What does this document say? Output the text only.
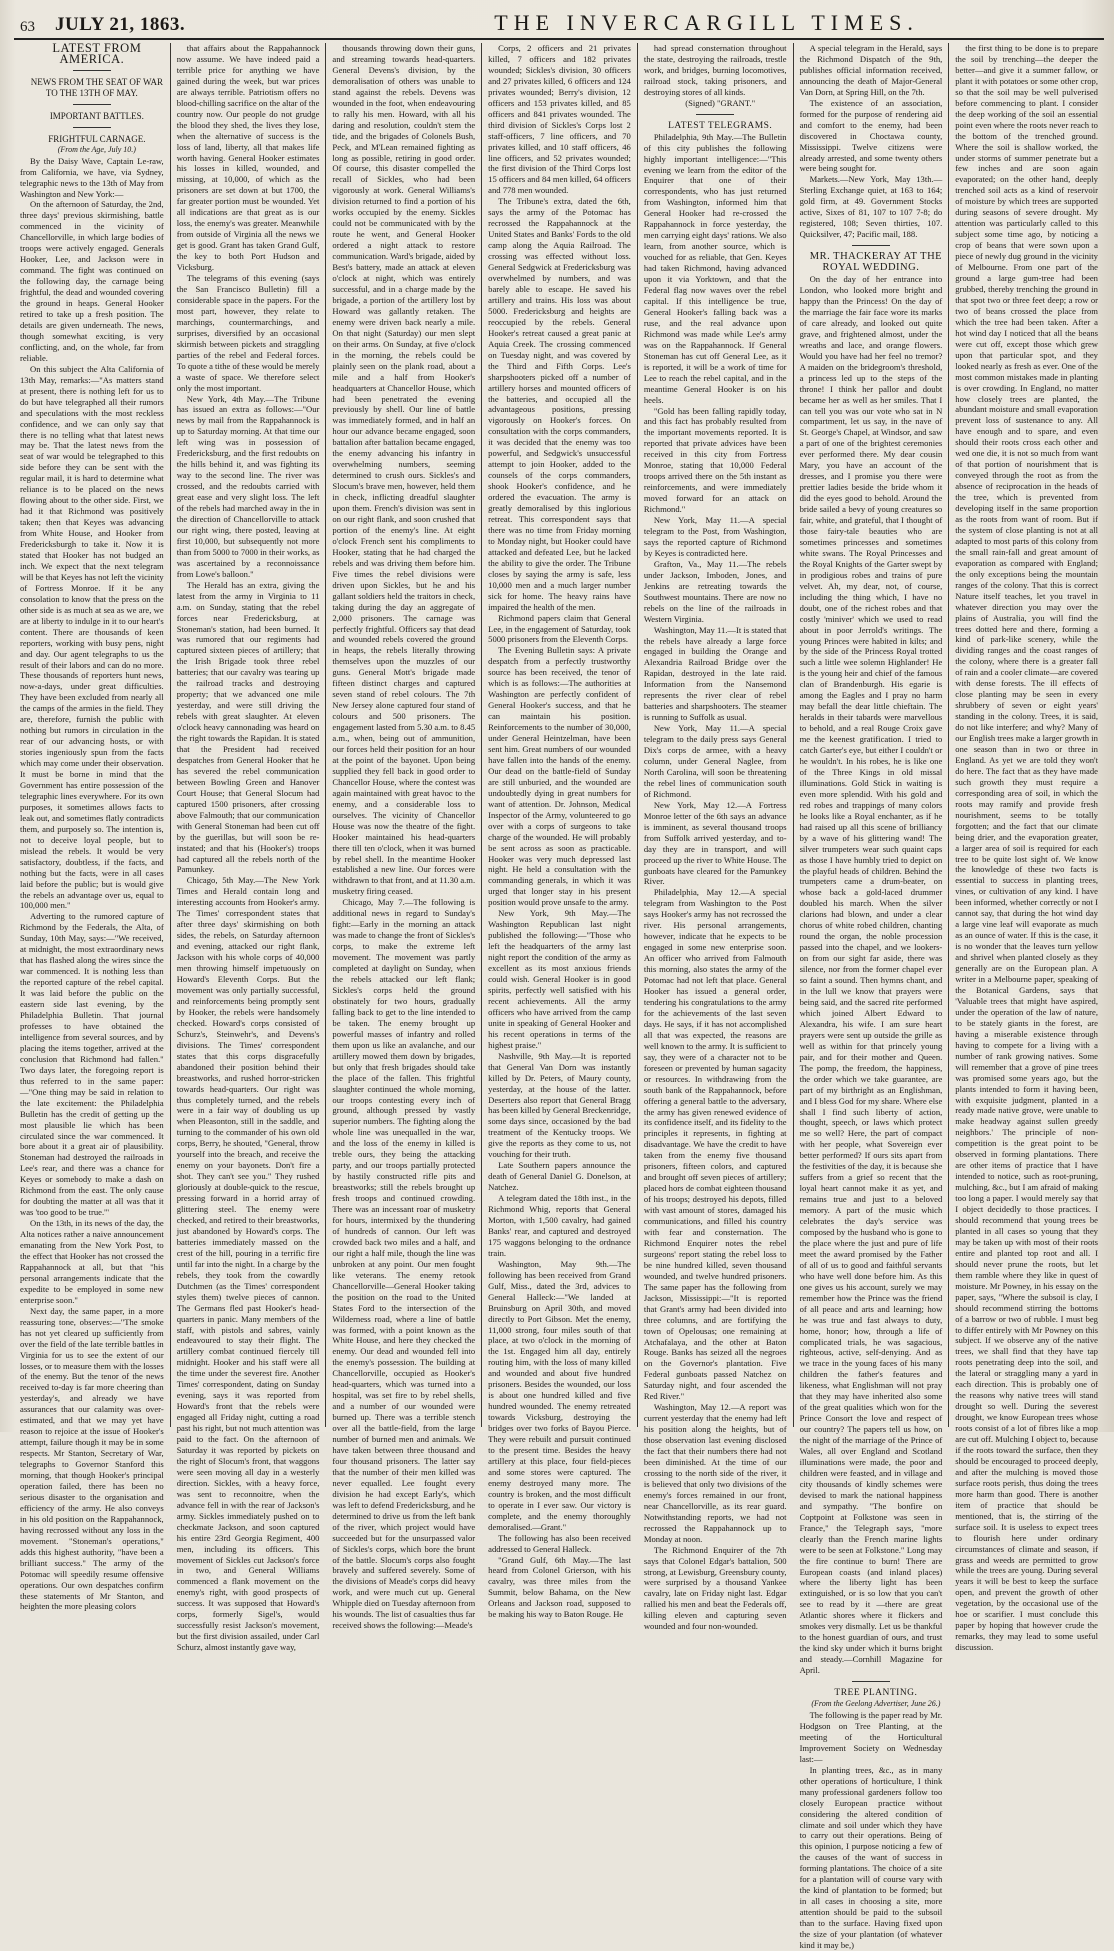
63	JULY 21, 1863.	THE INVERCARGILL TIMES.

LATEST FROM AMERICA.

NEWS FROM THE SEAT OF WAR TO THE 13TH OF MAY.

IMPORTANT BATTLES.

FRIGHTFUL CARNAGE.

(From the Age, July 10.)

By the Daisy Wave, Captain Le-raw, from California, we have, via Sydney, telegraphic news to the 13th of May from Washington and New York:—

On the afternoon of Saturday, the 2nd, three days' previous skirmishing, battle commenced in the vicinity of Chancellorville, in which large bodies of troops were actively engaged. Generals Hooker, Lee, and Jackson were in command. The fight was continued on the following day, the carnage being frightful, the dead and wounded covering the ground in heaps. General Hooker retired to take up a fresh position. The details are given underneath. The news, though somewhat exciting, is very conflicting, and, on the whole, far from reliable.

On this subject the Alta California of 13th May, remarks:—"As matters stand at present, there is nothing left for us to do but have telegraphed all their rumors and speculations with the most reckless confidence, and we can only say that there is no telling what that latest news may be. That the latest news from the seat of war would be telegraphed to this side before they can be sent with the regular mail, it is hard to determine what reliance is to be placed on the news flowing about to the other side. First, we had it that Richmond was positively taken; then that Keyes was advancing from White House, and Hooker from Fredericksburgh to take it. Now it is stated that Hooker has not budged an inch. We expect that the next telegram will be that Keyes has not left the vicinity of Fortress Monroe. If it be any consolation to know that the press on the other side is as much at sea as we are, we are at liberty to indulge in it to our heart's content. There are thousands of keen reporters, working with busy pens, night and day. Our agent telegraphs to us the result of their labors and can do no more. These thousands of reporters hunt news, now-a-days, under great difficulties. They have been excluded from nearly all the camps of the armies in the field. They are, therefore, furnish the public with nothing but rumors in circulation in the rear of our advancing hosts, or with stories ingeniously spun from the facts which may come under their observation. It must be borne in mind that the Government has entire possession of the telegraphic lines everywhere. For its own purposes, it sometimes allows facts to leak out, and sometimes flatly contradicts them, and purposely so. The intention is, not to deceive loyal people, but to mislead the rebels. It would be very satisfactory, doubtless, if the facts, and nothing but the facts, were in all cases laid before the public; but is would give the rebels an advantage over us, equal to 100,000 men."

Adverting to the rumored capture of Richmond by the Federals, the Alta, of Sunday, 10th May, says:—"We received, at midnight, the most extraordinary news that has flashed along the wires since the war commenced. It is nothing less than the reported capture of the rebel capital. It was laid before the public on the eastern side last evening, by the Philadelphia Bulletin. That journal professes to have obtained the intelligence from several sources, and by placing the items together, arrived at the conclusion that Richmond had fallen." Two days later, the foregoing report is thus referred to in the same paper:—"One thing may be said in relation to the late excitement: the Philadelphia Bulletin has the credit of getting up the most plausible lie which has been circulated since the war commenced. It bore about it a great air of plausibility. Stoneman had destroyed the railroads in Lee's rear, and there was a chance for Keyes or somebody to make a dash on Richmond from the east. The only cause for doubting the matter at all was that it was 'too good to be true.'"

On the 13th, in its news of the day, the Alta notices rather a naive announcement emanating from the New York Post, to the effect that Hooker has not crossed the Rappahannock at all, but that "his personal arrangements indicate that the expedite to be employed in some new enterprise soon."

Next day, the same paper, in a more reassuring tone, observes:—"The smoke has not yet cleared up sufficiently from over the field of the late terrible battles in Virginia for us to see the extent of our losses, or to measure them with the losses of the enemy. But the tenor of the news received to-day is far more cheering than yesterday's, and already we have assurances that our calamity was over-estimated, and that we may yet have reason to rejoice at the issue of Hooker's attempt, failure though it may be in some respects. Mr Stanton, Secretary of War, telegraphs to Governor Stanford this morning, that though Hooker's principal operation failed, there has been no serious disaster to the organisation and efficiency of the army. He also conveys in his old position on the Rappahannock, having recrossed without any loss in the movement. "Stoneman's operations," adds this highest authority, "have been a brilliant success." The army of the Potomac will speedily resume offensive operations. Our own despatches confirm these statements of Mr Stanton, and heighten the more pleasing colors

that affairs about the Rappahannock now assume. We have indeed paid a terrible price for anything we have gained during the week, but war prices are always terrible. Patriotism offers no blood-chilling sacrifice on the altar of the country now. Our people do not grudge the blood they shed, the lives they lose, when the alternative of success is the loss of land, liberty, all that makes life worth having. General Hooker estimates his losses in killed, wounded, and missing, at 10,000, of which as the prisoners are set down at but 1700, the far greater portion must be wounded. Yet all indications are that great as is our loss, the enemy's was greater. Meanwhile from outside of Virginia all the news we get is good. Grant has taken Grand Gulf, the key to both Port Hudson and Vicksburg.

The telegrams of this evening (says the San Francisco Bulletin) fill a considerable space in the papers. For the most part, however, they relate to marchings, countermarchings, and surprises, diversified by an occasional skirmish between pickets and straggling parties of the rebel and Federal forces. To quote a tithe of these would be merely a waste of space. We therefore select only the most important.

New York, 4th May.—The Tribune has issued an extra as follows:—"Our news by mail from the Rappahannock is up to Saturday morning. At that time our left wing was in possession of Fredericksburg, and the first redoubts on the hills behind it, and was fighting its way to the second line. The river was crossed, and the redoubts carried with great ease and very slight loss. The left of the rebels had marched away in the in the direction of Chancellorville to attack our right wing, there posted, leaving at first 10,000, but subsequently not more than from 5000 to 7000 in their works, as was ascertained by a reconnoissance from Lowe's balloon."

The Herald has an extra, giving the latest from the army in Virginia to 11 a.m. on Sunday, stating that the rebel forces near Fredericksburg, at Stoneman's station, had been burned. It was rumored that our regiments had captured sixteen pieces of artillery; that the Irish Brigade took three rebel batteries; that our cavalry was tearing up the railroad tracks and destroying property; that we advanced one mile yesterday, and were still driving the rebels with great slaughter. At eleven o'clock heavy cannonading was heard on the right towards the Rapidan. It is stated that the President had received despatches from General Hooker that he has severed the rebel communication between Bowling Green and Hanover Court House; that General Slocum had captured 1500 prisoners, after crossing above Falmouth; that our communication with General Stoneman had been cut off by the guerillas, but will soon be re-instated; and that his (Hooker's) troops had captured all the rebels north of the Pamunkey.

Chicago, 5th May.—The New York Times and Herald contain long and interesting accounts from Hooker's army. The Times' correspondent states that after three days' skirmishing on both sides, the rebels, on Saturday afternoon and evening, attacked our right flank, Jackson with his whole corps of 40,000 men throwing himself impetuously on Howard's Eleventh Corps. But the movement was only partially successful, and reinforcements being promptly sent by Hooker, the rebels were handsomely checked. Howard's corps consisted of Schurz's, Steinwehr's, and Devens's divisions. The Times' correspondent states that this corps disgracefully abandoned their position behind their breastworks, and rushed horror-stricken towards head-quarters. Our right was thus completely turned, and the rebels were in a fair way of doubling us up when Pleasonton, still in the saddle, and turning to the commander of his own old corps, Berry, he shouted, "General, throw yourself into the breach, and receive the enemy on your bayonets. Don't fire a shot. They can't see you." They rushed gloriously at double-quick to the rescue, pressing forward in a horrid array of glittering steel. The enemy were checked, and retired to their breastworks, just abandoned by Howard's corps. The batteries immediately massed on the crest of the hill, pouring in a terrific fire until far into the night. In a charge by the rebels, they took from the cowardly Dutchmen (as the Times' correspondent styles them) twelve pieces of cannon. The Germans fled past Hooker's head-quarters in panic. Many members of the staff, with pistols and sabres, vainly endeavoured to stay their flight. The artillery combat continued fiercely till midnight. Hooker and his staff were all the time under the severest fire. Another Times' correspondent, dating on Sunday evening, says it was reported from Howard's front that the rebels were engaged all Friday night, cutting a road past his right, but not much attention was paid to the fact. On the afternoon of Saturday it was reported by pickets on the right of Slocum's front, that waggons were seen moving all day in a westerly direction. Sickles, with a heavy force, was sent to reconnoitre, when the advance fell in with the rear of Jackson's army. Sickles immediately pushed on to checkmate Jackson, and soon captured his entire 23rd Georgia Regiment, 400 men, including its officers. This movement of Sickles cut Jackson's force in two, and General Williams commenced a flank movement on the enemy's right, with good prospects of success. It was supposed that Howard's corps, formerly Sigel's, would successfully resist Jackson's movement, but the first division assailed, under Carl Schurz, almost instantly gave way,

thousands throwing down their guns, and streaming towards head-quarters. General Devens's division, by the demoralisation of others was unable to stand against the rebels. Devens was wounded in the foot, when endeavouring to rally his men. Howard, with all his daring and resolution, couldn't stem the tide, and the brigades of Colonels Bush, Peck, and M'Lean remained fighting as long as possible, retiring in good order. Of course, this disaster compelled the recall of Sickles, who had been vigorously at work. General Williams's division returned to find a portion of his works occupied by the enemy. Sickles could not be communicated with by the route he went, and General Hooker ordered a night attack to restore communication. Ward's brigade, aided by Best's battery, made an attack at eleven o'clock at night, which was entirely successful, and in a charge made by the brigade, a portion of the artillery lost by Howard was gallantly retaken. The enemy were driven back nearly a mile. On that night (Saturday) our men slept on their arms. On Sunday, at five o'clock in the morning, the rebels could be plainly seen on the plank road, about a mile and a half from Hooker's headquarters at Chancellor House, which had been penetrated the evening previously by shell. Our line of battle was immediately formed, and in half an hour our advance became engaged, soon battalion after battalion became engaged, the enemy advancing his infantry in overwhelming numbers, seeming determined to crush ours. Sickles's and Slocum's brave men, however, held them in check, inflicting dreadful slaughter upon them. French's division was sent in on our right flank, and soon crushed that portion of the enemy's line. At eight o'clock French sent his compliments to Hooker, stating that he had charged the rebels and was driving them before him. Five times the rebel divisions were driven upon Sickles, but he and his gallant soldiers held the traitors in check, taking during the day an aggregate of 2,000 prisoners. The carnage was perfectly frightful. Officers say that dead and wounded rebels covered the ground in heaps, the rebels literally throwing themselves upon the muzzles of our guns. General Mott's brigade made fifteen distinct charges and captured seven stand of rebel colours. The 7th New Jersey alone captured four stand of colours and 500 prisoners. The engagement lasted from 5.30 a.m. to 8.45 a.m., when, being out of ammunition, our forces held their position for an hour at the point of the bayonet. Upon being supplied they fell back in good order to Chancellor House, where the contest was again maintained with great havoc to the enemy, and a considerable loss to ourselves. The vicinity of Chancellor House was now the theatre of the fight. Hooker maintained his head-quarters there till ten o'clock, when it was burned by rebel shell. In the meantime Hooker established a new line. Our forces were withdrawn to that front, and at 11.30 a.m. musketry firing ceased.

Chicago, May 7.—The following is additional news in regard to Sunday's fight:—Early in the morning an attack was made to change the front of Sickles's corps, to make the extreme left movement. The movement was partly completed at daylight on Sunday, when the rebels attacked our left flank; Sickles's corps held the ground obstinately for two hours, gradually falling back to get to the line intended to be taken. The enemy brought up powerful masses of infantry and rolled them upon us like an avalanche, and our artillery mowed them down by brigades, but only that fresh brigades should take the place of the fallen. This frightful slaughter continued the whole morning, our troops contesting every inch of ground, although pressed by vastly superior numbers. The fighting along the whole line was unequalled in the war, and the loss of the enemy in killed is treble ours, they being the attacking party, and our troops partially protected by hastily constructed rifle pits and breastworks; still the rebels brought up fresh troops and continued crowding. There was an incessant roar of musketry for hours, intermixed by the thundering of hundreds of cannon. Our left was crowded back two miles and a half, and our right a half mile, though the line was unbroken at any point. Our men fought like veterans. The enemy retook Chancellorville—General Hooker taking the position on the road to the United States Ford to the intersection of the Wilderness road, where a line of battle was formed, with a point known as the White House, and here they checked the enemy. Our dead and wounded fell into the enemy's possession. The building at Chancellorville, occupied as Hooker's head-quarters, which was turned into a hospital, was set fire to by rebel shells, and a number of our wounded were burned up. There was a terrible stench over all the battle-field, from the large number of burned men and animals. We have taken between three thousand and four thousand prisoners. The latter say that the number of their men killed was never equalled. Lee fought every division he had except Early's, which was left to defend Fredericksburg, and he determined to drive us from the left bank of the river, which project would have succeeded but for the unsurpassed valor of Sickles's corps, which bore the brunt of the battle. Slocum's corps also fought bravely and suffered severely. Some of the divisions of Meade's corps did heavy work, and were much cut up. General Whipple died on Tuesday afternoon from his wounds. The list of casualties thus far received shows the following:—Meade's

Corps, 2 officers and 21 privates killed, 7 officers and 182 privates wounded; Sickles's division, 30 officers and 27 privates killed, 6 officers and 124 privates wounded; Berry's division, 12 officers and 153 privates killed, and 85 officers and 841 privates wounded. The third division of Sickles's Corps lost 2 staff-officers, 7 line officers, and 70 privates killed, and 10 staff officers, 46 line officers, and 52 privates wounded; the first division of the Third Corps lost 15 officers and 84 men killed, 64 officers and 778 men wounded.

The Tribune's extra, dated the 6th, says the army of the Potomac has recrossed the Rappahannock at the United States and Banks' Fords to the old camp along the Aquia Railroad. The crossing was effected without loss. General Sedgwick at Fredericksburg was overwhelmed by numbers, and was barely able to escape. He saved his artillery and trains. His loss was about 5000. Fredericksburg and heights are reoccupied by the rebels. General Hooker's retreat caused a great panic at Aquia Creek. The crossing commenced on Tuesday night, and was covered by the Third and Fifth Corps. Lee's sharpshooters picked off a number of artillery horses and mounted officers of the batteries, and occupied all the advantageous positions, pressing vigorously on Hooker's forces. On consultation with the corps commanders, it was decided that the enemy was too powerful, and Sedgwick's unsuccessful attempt to join Hooker, added to the counsels of the corps commanders, shook Hooker's confidence, and he ordered the evacuation. The army is greatly demoralised by this inglorious retreat. This correspondent says that there was no time from Friday morning to Monday night, but Hooker could have attacked and defeated Lee, but he lacked the ability to give the order. The Tribune closes by saying the army is safe, less 10,000 men and a much larger number sick for home. The heavy rains have impaired the health of the men.

Richmond papers claim that General Lee, in the engagement of Saturday, took 5000 prisoners from the Eleventh Corps.

The Evening Bulletin says: A private despatch from a perfectly trustworthy source has been received, the tenor of which is as follows:—The authorities at Washington are perfectly confident of General Hooker's success, and that he can maintain his position. Reinforcements to the number of 30,000, under General Heintzelman, have been sent him. Great numbers of our wounded have fallen into the hands of the enemy. Our dead on the battle-field of Sunday are still unburied, and the wounded are undoubtedly dying in great numbers for want of attention. Dr. Johnson, Medical Inspector of the Army, volunteered to go over with a corps of surgeons to take charge of the wounded. He will probably be sent across as soon as practicable. Hooker was very much depressed last night. He held a consultation with the commanding generals, in which it was urged that longer stay in his present position would prove unsafe to the army.

New York, 9th May.—The Washington Republican last night published the following:—"Those who left the headquarters of the army last night report the condition of the army as excellent as its most anxious friends could wish. General Hooker is in good spirits, perfectly well satisfied with his recent achievements. All the army officers who have arrived from the camp unite in speaking of General Hooker and his recent operations in terms of the highest praise."

Nashville, 9th May.—It is reported that General Van Dorn was instantly killed by Dr. Peters, of Maury county, yesterday, at the house of the latter. Deserters also report that General Bragg has been killed by General Breckenridge, some days since, occasioned by the bad treatment of the Kentucky troops. We give the reports as they come to us, not vouching for their truth.

Late Southern papers announce the death of General Daniel G. Donelson, at Natchez.

A telegram dated the 18th inst., in the Richmond Whig, reports that General Morton, with 1,500 cavalry, had gained Banks' rear, and captured and destroyed 175 waggons belonging to the ordnance train.

Washington, May 9th.—The following has been received from Grand Gulf, Miss., dated the 3rd, advices to General Halleck:—"We landed at Bruinsburg on April 30th, and moved directly to Port Gibson. Met the enemy, 11,000 strong, four miles south of that place, at two o'clock in the morning of the 1st. Engaged him all day, entirely routing him, with the loss of many killed and wounded and about five hundred prisoners. Besides the wounded, our loss is about one hundred killed and five hundred wounded. The enemy retreated towards Vicksburg, destroying the bridges over two forks of Bayou Pierce. They were rebuilt and pursuit continued to the present time. Besides the heavy artillery at this place, four field-pieces and some stores were captured. The enemy destroyed many more. The country is broken, and the most difficult to operate in I ever saw. Our victory is complete, and the enemy thoroughly demoralised.—Grant."

The following has also been received addressed to General Halleck.

"Grand Gulf, 6th May.—The last heard from Colonel Grierson, with his cavalry, was three miles from the Summit, below Bahama, on the New Orleans and Jackson road, supposed to be making his way to Baton Rouge. He

had spread consternation throughout the state, destroying the railroads, trestle work, and bridges, burning locomotives, railroad stock, taking prisoners, and destroying stores of all kinds.

(Signed) "GRANT."

LATEST TELEGRAMS.

Philadelphia, 9th May.—The Bulletin of this city publishes the following highly important intelligence:—"This evening we learn from the editor of the Enquirer that one of their correspondents, who has just returned from Washington, informed him that General Hooker had re-crossed the Rappahannock in force yesterday, the men carrying eight days' rations. We also learn, from another source, which is vouched for as reliable, that Gen. Keyes had taken Richmond, having advanced upon it via Yorktown, and that the Federal flag now waves over the rebel capital. If this intelligence be true, General Hooker's falling back was a ruse, and the real advance upon Richmond was made while Lee's army was on the Rappahannock. If General Stoneman has cut off General Lee, as it is reported, it will be a work of time for Lee to reach the rebel capital, and in the meantime General Hooker is on his heels.

"Gold has been falling rapidly today, and this fact has probably resulted from the important movements reported. It is reported that private advices have been received in this city from Fortress Monroe, stating that 10,000 Federal troops arrived there on the 5th instant as reinforcements, and were immediately moved forward for an attack on Richmond."

New York, May 11.—A special telegram to the Post, from Washington, says the reported capture of Richmond by Keyes is contradicted here.

Grafton, Va., May 11.—The rebels under Jackson, Imboden, Jones, and Jenkins are retreating towards the Southwest mountains. There are now no rebels on the line of the railroads in Western Virginia.

Washington, May 11.—It is stated that the rebels have already a large force engaged in building the Orange and Alexandria Railroad Bridge over the Rapidan, destroyed in the late raid. Information from the Nansemond represents the river clear of rebel batteries and sharpshooters. The steamer is running to Suffolk as usual.

New York, May 11.—A special telegram to the daily press says General Dix's corps de armee, with a heavy column, under General Naglee, from North Carolina, will soon be threatening the rebel lines of communication south of Richmond.

New York, May 12.—A Fortress Monroe letter of the 6th says an advance is imminent, as several thousand troops from Suffolk arrived yesterday, and to-day they are in transport, and will proceed up the river to White House. The gunboats have cleared for the Pamunkey River.

Philadelphia, May 12.—A special telegram from Washington to the Post says Hooker's army has not recrossed the river. His personal arrangements, however, indicate that he expects to be engaged in some new enterprise soon. An officer who arrived from Falmouth this morning, also states the army of the Potomac had not left that place. General Hooker has issued a general order, tendering his congratulations to the army for the achievements of the last seven days. He says, if it has not accomplished all that was expected, the reasons are well known to the army. It is sufficient to say, they were of a character not to be foreseen or prevented by human sagacity or resources. In withdrawing from the south bank of the Rappahannock, before offering a general battle to the adversary, the army has given renewed evidence of its confidence itself, and its fidelity to the principles it represents, in fighting at disadvantage. We have the credit to have taken from the enemy five thousand prisoners, fifteen colors, and captured and brought off seven pieces of artillery; placed hors de combat eighteen thousand of his troops; destroyed his depots, filled with vast amount of stores, damaged his communications, and filled his country with fear and consternation. The Richmond Enquirer notes the rebel surgeons' report stating the rebel loss to be nine hundred killed, seven thousand wounded, and twelve hundred prisoners. The same paper has the following from Jackson, Mississippi:—"It is reported that Grant's army had been divided into three columns, and are fortifying the town of Opelousas; one remaining at Atchafalaya, and the other at Baton Rouge. Banks has seized all the negroes on the Governor's plantation. Five Federal gunboats passed Natchez on Saturday night, and four ascended the Red River."

Washington, May 12.—A report was current yesterday that the enemy had left his position along the heights, but of those observation last evening disclosed the fact that their numbers there had not been diminished. At the time of our crossing to the north side of the river, it is believed that only two divisions of the enemy's forces remained in our front, near Chancellorville, as its rear guard. Notwithstanding reports, we had not recrossed the Rappahannock up to Monday at noon.

The Richmond Enquirer of the 7th says that Colonel Edgar's battalion, 500 strong, at Lewisburg, Greensbury county, were surprised by a thousand Yankee cavalry, late on Friday night last. Edgar rallied his men and beat the Federals off, killing eleven and capturing seven wounded and four non-wounded.

A special telegram in the Herald, says the Richmond Dispatch of the 9th, publishes official information received, announcing the death of Major-General Van Dorn, at Spring Hill, on the 7th.

The existence of an association, formed for the purpose of rendering aid and comfort to the enemy, had been discovered in Choctawa county, Mississippi. Twelve citizens were already arrested, and some twenty others were being sought for.

Markets.—New York, May 13th.—Sterling Exchange quiet, at 163 to 164; gold firm, at 49. Government Stocks active, Sixes of 81, 107 to 107 7-8; do registered, 108; Seven thirties, 107. Quicksilver, 47; Pacific mail, 188.

MR. THACKERAY AT THE ROYAL WEDDING.

On the day of her entrance into London, who looked more bright and happy than the Princess! On the day of the marriage the fair face wore its marks of care already, and looked out quite grave, and frightened almost, under the wreaths and lace, and orange flowers. Would you have had her feel no tremor? A maiden on the bridegroom's threshold, a princess led up to the steps of the throne! I think her pallor and doubt became her as well as her smiles. That I can tell you was our vote who sat in N compartment, let us say, in the nave of St. George's Chapel, at Windsor, and saw a part of one of the brightest ceremonies ever performed there. My dear cousin Mary, you have an account of the dresses, and I promise you there were prettier ladies beside the bride whom it did the eyes good to behold. Around the bride sailed a bevy of young creatures so fair, white, and grateful, that I thought of those fairy-tale beauties who are sometimes princesses and sometimes white swans. The Royal Princesses and the Royal Knights of the Garter swept by in prodigious robes and trains of pure velvet. Ah, my dear, not, of course, including the thing which, I have no doubt, one of the richest robes and that costly 'miniver' which we used to read about in poor Jerrold's writings. The young Princes were habited in kilts; and by the side of the Princess Royal trotted such a little wee solemn Highlander! He is the young heir and chief of the famous clan of Brandenburgh. His egarie is among the Eagles and I pray no harm may befall the dear little chieftain. The heralds in their tabards were marvellous to behold, and a real Rouge Croix gave me the keenest gratification. I tried to catch Garter's eye, but either I couldn't or he wouldn't. In his robes, he is like one of the Three Kings in old missal illuminations. Gold Stick in waiting is even more splendid. With his gold and red robes and trappings of many colors he looks like a Royal enchanter, as if he had raised up all this scene of brilliancy by a wave of his glittering wand! The silver trumpeters wear such quaint caps as those I have humbly tried to depict on the playful heads of children. Behind the trumpeters came a drum-beater, on whose back a gold-laced drummer doubled his march. When the silver clarions had blown, and under a clear chorus of white robed children, chanting round the organ, the noble procession passed into the chapel, and we lookers-on from our sight far aside, there was silence, nor from the former chapel ever so faint a sound. Then hymns chant, and in the lull we know that prayers were being said, and the sacred rite performed which joined Albert Edward to Alexandra, his wife. I am sure heart prayers were sent up outside the grille as well as within for that princely young pair, and for their mother and Queen. The pomp, the freedom, the happiness, the order which we take guarantee, are part of my birthright as an Englishman, and I bless God for my share. Where else shall I find such liberty of action, thought, speech, or laws which protect me so well? Here, the part of compact with her people, what Sovereign ever better performed? If ours sits apart from the festivities of the day, it is because she suffers from a grief so recent that the loyal heart cannot make it as yet, and remains true and just to a beloved memory. A part of the music which celebrates the day's service was composed by the husband who is gone to the place where the just and pure of life meet the award promised by the Father of all of us to good and faithful servants who have well done before him. As this one gives us his account, surely we may remember how the Prince was the friend of all peace and arts and learning; how he was true and fast always to duty, home, honor; how, through a life of complicated trials, he was sagacious, righteous, active, self-denying. And as we trace in the young faces of his many children the father's features and likeness, what Englishman will not pray that they may have inherited also some of the great qualities which won for the Prince Consort the love and respect of our country? The papers tell us how, on the night of the marriage of the Prince of Wales, all over England and Scotland illuminations were made, the poor and children were feasted, and in village and city thousands of kindly schemes were devised to mark the national happiness and sympathy. "The bonfire on Coptpoint at Folkstone was seen in France," the Telegraph says, "more clearly than the French marine lights were to be seen at Folkstone." Long may the fire continue to burn! There are European coasts (and inland places) where the liberty light has been extinguished, or is so low that you can't see to read by it —there are great Atlantic shores where it flickers and smokes very dismally. Let us be thankful to the honest guardian of ours, and trust the kind sky under which it burns bright and steady.—Cornhill Magazine for April.

TREE PLANTING.

(From the Geelong Advertiser, June 26.)

The following is the paper read by Mr. Hodgson on Tree Planting, at the meeting of the Horticultural Improvement Society on Wednesday last:—

In planting trees, &c., as in many other operations of horticulture, I think many professional gardeners follow too closely European practice without considering the altered condition of climate and soil under which they have to carry out their operations. Being of this opinion, I purpose noticing a few of the causes of the want of success in forming plantations. The choice of a site for a plantation will of course vary with the kind of plantation to be formed; but in all cases in choosing a site, more attention should be paid to the subsoil than to the surface. Having fixed upon the size of your plantation (of whatever kind it may be,)

the first thing to be done is to prepare the soil by trenching—the deeper the better—and give it a summer fallow, or plant it with potatoes or some other crop, so that the soil may be well pulverised before commencing to plant. I consider the deep working of the soil an essential point even where the roots never reach to the bottom of the trenched ground. Where the soil is shallow worked, the under storms of summer penetrate but a few inches and are soon again evaporated; on the other hand, deeply trenched soil acts as a kind of reservoir of moisture by which trees are supported during seasons of severe drought. My attention was particularly called to this subject some time ago, by noticing a crop of beans that were sown upon a piece of newly dug ground in the vicinity of Melbourne. From one part of the ground a large gum-tree had been grubbed, thereby trenching the ground in that spot two or three feet deep; a row or two of beans crossed the place from which the tree had been taken. After a hot wind day I noticed that all the beans were cut off, except those which grew upon that particular spot, and they looked nearly as fresh as ever. One of the most common mistakes made in planting is over crowding. In England, no matter how closely trees are planted, the abundant moisture and small evaporation prevent loss of sustenance to any. All have enough and to spare, and even should their roots cross each other and wed one die, it is not so much from want of that portion of nourishment that is conveyed through the root as from the absence of reciprocation in the heads of the tree, which is prevented from developing itself in the same proportion as the roots from want of room. But if the system of close planting is not at all adapted to most parts of this colony from the small rain-fall and great amount of evaporation as compared with England; the only exceptions being the mountain ranges of the colony. That this is correct Nature itself teaches, let you travel in whatever direction you may over the plains of Australia, you will find the trees dotted here and there, forming a kind of park-like scenery, while the dividing ranges and the coast ranges of the colony, where there is a greater fall of rain and a cooler climate—are covered with dense forests. The ill effects of close planting may be seen in every shrubbery of seven or eight years' standing in the colony. Trees, it is said, do not like interfere; and why? Many of our English trees make a larger growth in one season than in two or three in England. As yet we are told they won't do here. The fact that as they have made such growth they must require a corresponding area of soil, in which the roots may ramify and provide fresh nourishment, seems to be totally forgotten; and the fact that our climate being drier, and the evaporation greater, a larger area of soil is required for each tree to be quite lost sight of. We know the knowledge of these two facts is essential to success in planting trees, vines, or cultivation of any kind. I have been informed, whether correctly or not I cannot say, that during the hot wind day a large vine leaf will evaporate as much as an ounce of water. If this is the case, it is no wonder that the leaves turn yellow and shrivel when planted closely as they generally are on the European plan. A writer in a Melbourne paper, speaking of the Botanical Gardens, says that 'Valuable trees that might have aspired, under the operation of the law of nature, to be stately giants in the forest, are having a miserable existence through having to compete for a living with a number of rank growing natives. Some will remember that a grove of pine trees was promised some years ago, but the plants intended to form it having been, with exquisite judgment, planted in a ready made native grove, were unable to make headway against sullen greedy neighbors.' The principle of non-competition is the great point to be observed in forming plantations. There are other items of practice that I have intended to notice, such as root-pruning, mulching, &c., but I am afraid of making too long a paper. I would merely say that I object decidedly to those practices. I should recommend that young trees be planted in all cases so young that they may be taken up with most of their roots entire and planted top root and all. I should never prune the roots, but let them ramble where they like in quest of moisture. Mr Powney, in his essay on the paper, says, "Where the subsoil is clay, I should recommend stirring the bottoms of a barrow or two of rubble. I must beg to differ entirely with Mr Powney on this subject. If we observe any of the native trees, we shall find that they have tap roots penetrating deep into the soil, and the lateral or straggling many a yard in each direction. This is probably one of the reasons why native trees will stand drought so well. During the severest drought, we know European trees whose roots consist of a lot of fibres like a mop are cut off. Mulching I object to, because if the roots toward the surface, then they should be encouraged to proceed deeply, and after the mulching is moved those surface roots perish, thus doing the trees more harm than good. There is another item of practice that should be mentioned, that is, the stirring of the surface soil. It is useless to expect trees to flourish here under ordinary circumstances of climate and season, if grass and weeds are permitted to grow while the trees are young. During several years it will be best to keep the surface open, and prevent the growth of other vegetation, by the occasional use of the hoe or scarifier. I must conclude this paper by hoping that however crude the remarks, they may lead to some useful discussion.
